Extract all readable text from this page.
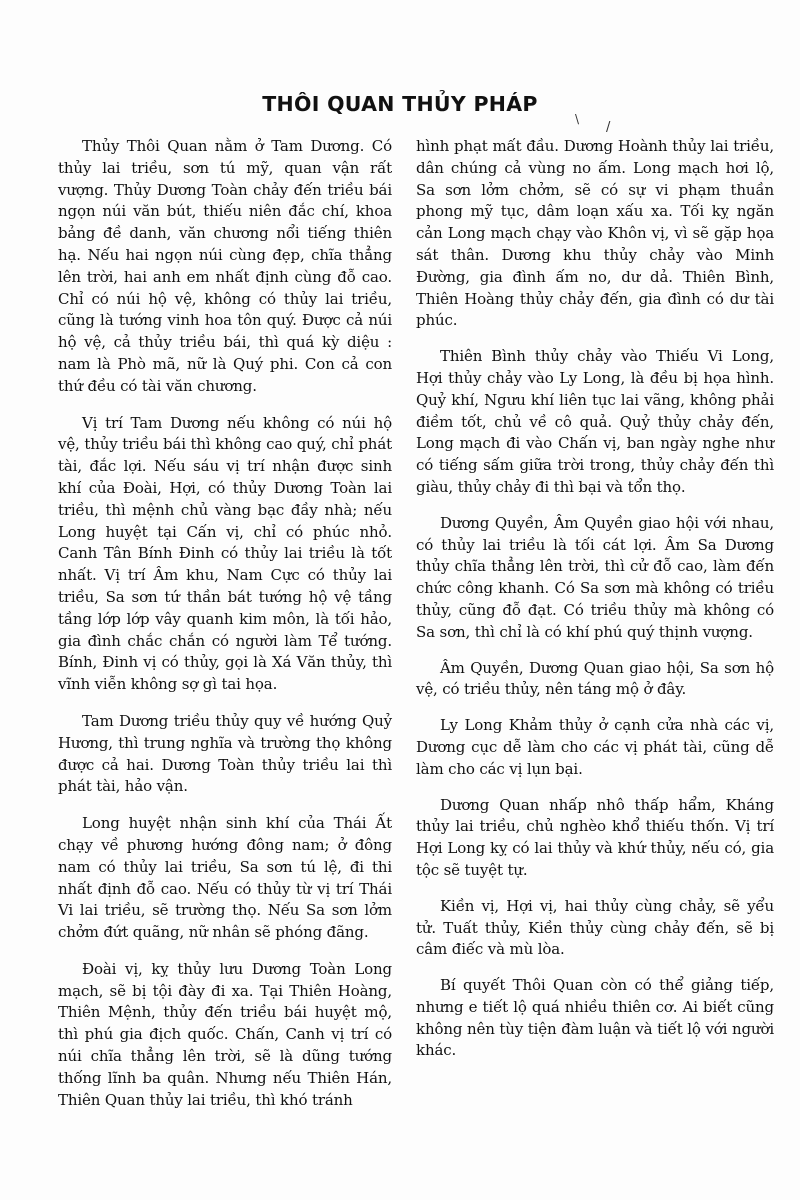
\
/
THÔI QUAN THỦY PHÁP

Thủy Thôi Quan nằm ở Tam Dương. Có thủy lai triều, sơn tú mỹ, quan vận rất vượng. Thủy Dương Toàn chảy đến triều bái ngọn núi văn bút, thiếu niên đắc chí, khoa bảng đề danh, văn chương nổi tiếng thiên hạ. Nếu hai ngọn núi cùng đẹp, chĩa thẳng lên trời, hai anh em nhất định cùng đỗ cao. Chỉ có núi hộ vệ, không có thủy lai triều, cũng là tướng vinh hoa tôn quý. Được cả núi hộ vệ, cả thủy triều bái, thì quá kỳ diệu : nam là Phò mã, nữ là Quý phi. Con cả con thứ đều có tài văn chương.

Vị trí Tam Dương nếu không có núi hộ vệ, thủy triều bái thì không cao quý, chỉ phát tài, đắc lợi. Nếu sáu vị trí nhận được sinh khí của Đoài, Hợi, có thủy Dương Toàn lai triều, thì mệnh chủ vàng bạc đầy nhà; nếu Long huyệt tại Cấn vị, chỉ có phúc nhỏ. Canh Tân Bính Đinh có thủy lai triều là tốt nhất. Vị trí Âm khu, Nam Cực có thủy lai triều, Sa sơn tứ thần bát tướng hộ vệ tầng tầng lớp lớp vây quanh kim môn, là tối hảo, gia đình chắc chắn có người làm Tể tướng. Bính, Đinh vị có thủy, gọi là Xá Văn thủy, thì vĩnh viễn không sợ gì tai họa.

Tam Dương triều thủy quy về hướng Quỷ Hương, thì trung nghĩa và trường thọ không được cả hai. Dương Toàn thủy triều lai thì phát tài, hảo vận.

Long huyệt nhận sinh khí của Thái Ất chạy về phương hướng đông nam; ở đông nam có thủy lai triều, Sa sơn tú lệ, đi thi nhất định đỗ cao. Nếu có thủy từ vị trí Thái Vi lai triều, sẽ trường thọ. Nếu Sa sơn lởm chởm đứt quãng, nữ nhân sẽ phóng đãng.

Đoài vị, kỵ thủy lưu Dương Toàn Long mạch, sẽ bị tội đày đi xa. Tại Thiên Hoàng, Thiên Mệnh, thủy đến triều bái huyệt mộ, thì phú gia địch quốc. Chấn, Canh vị trí có núi chĩa thẳng lên trời, sẽ là dũng tướng thống lĩnh ba quân. Nhưng nếu Thiên Hán, Thiên Quan thủy lai triều, thì khó tránh

hình phạt mất đầu. Dương Hoành thủy lai triều, dân chúng cả vùng no ấm. Long mạch hơi lộ, Sa sơn lởm chởm, sẽ có sự vi phạm thuần phong mỹ tục, dâm loạn xấu xa. Tối kỵ ngăn cản Long mạch chạy vào Khôn vị, vì sẽ gặp họa sát thân. Dương khu thủy chảy vào Minh Đường, gia đình ấm no, dư dả. Thiên Bình, Thiên Hoàng thủy chảy đến, gia đình có dư tài phúc.

Thiên Bình thủy chảy vào Thiếu Vi Long, Hợi thủy chảy vào Ly Long, là đều bị họa hình. Quỷ khí, Ngưu khí liên tục lai vãng, không phải điềm tốt, chủ về cô quả. Quỷ thủy chảy đến, Long mạch đi vào Chấn vị, ban ngày nghe như có tiếng sấm giữa trời trong, thủy chảy đến thì giàu, thủy chảy đi thì bại và tổn thọ.

Dương Quyền, Âm Quyền giao hội với nhau, có thủy lai triều là tối cát lợi. Âm Sa Dương thủy chĩa thẳng lên trời, thì cử đỗ cao, làm đến chức công khanh. Có Sa sơn mà không có triều thủy, cũng đỗ đạt. Có triều thủy mà không có Sa sơn, thì chỉ là có khí phú quý thịnh vượng.

Âm Quyền, Dương Quan giao hội, Sa sơn hộ vệ, có triều thủy, nên táng mộ ở đây.

Ly Long Khảm thủy ở cạnh cửa nhà các vị, Dương cục dễ làm cho các vị phát tài, cũng dễ làm cho các vị lụn bại.

Dương Quan nhấp nhô thấp hẩm, Kháng thủy lai triều, chủ nghèo khổ thiếu thốn. Vị trí Hợi Long kỵ có lai thủy và khứ thủy, nếu có, gia tộc sẽ tuyệt tự.

Kiền vị, Hợi vị, hai thủy cùng chảy, sẽ yểu tử. Tuất thủy, Kiền thủy cùng chảy đến, sẽ bị câm điếc và mù lòa.

Bí quyết Thôi Quan còn có thể giảng tiếp, nhưng e tiết lộ quá nhiều thiên cơ. Ai biết cũng không nên tùy tiện đàm luận và tiết lộ với người khác.
